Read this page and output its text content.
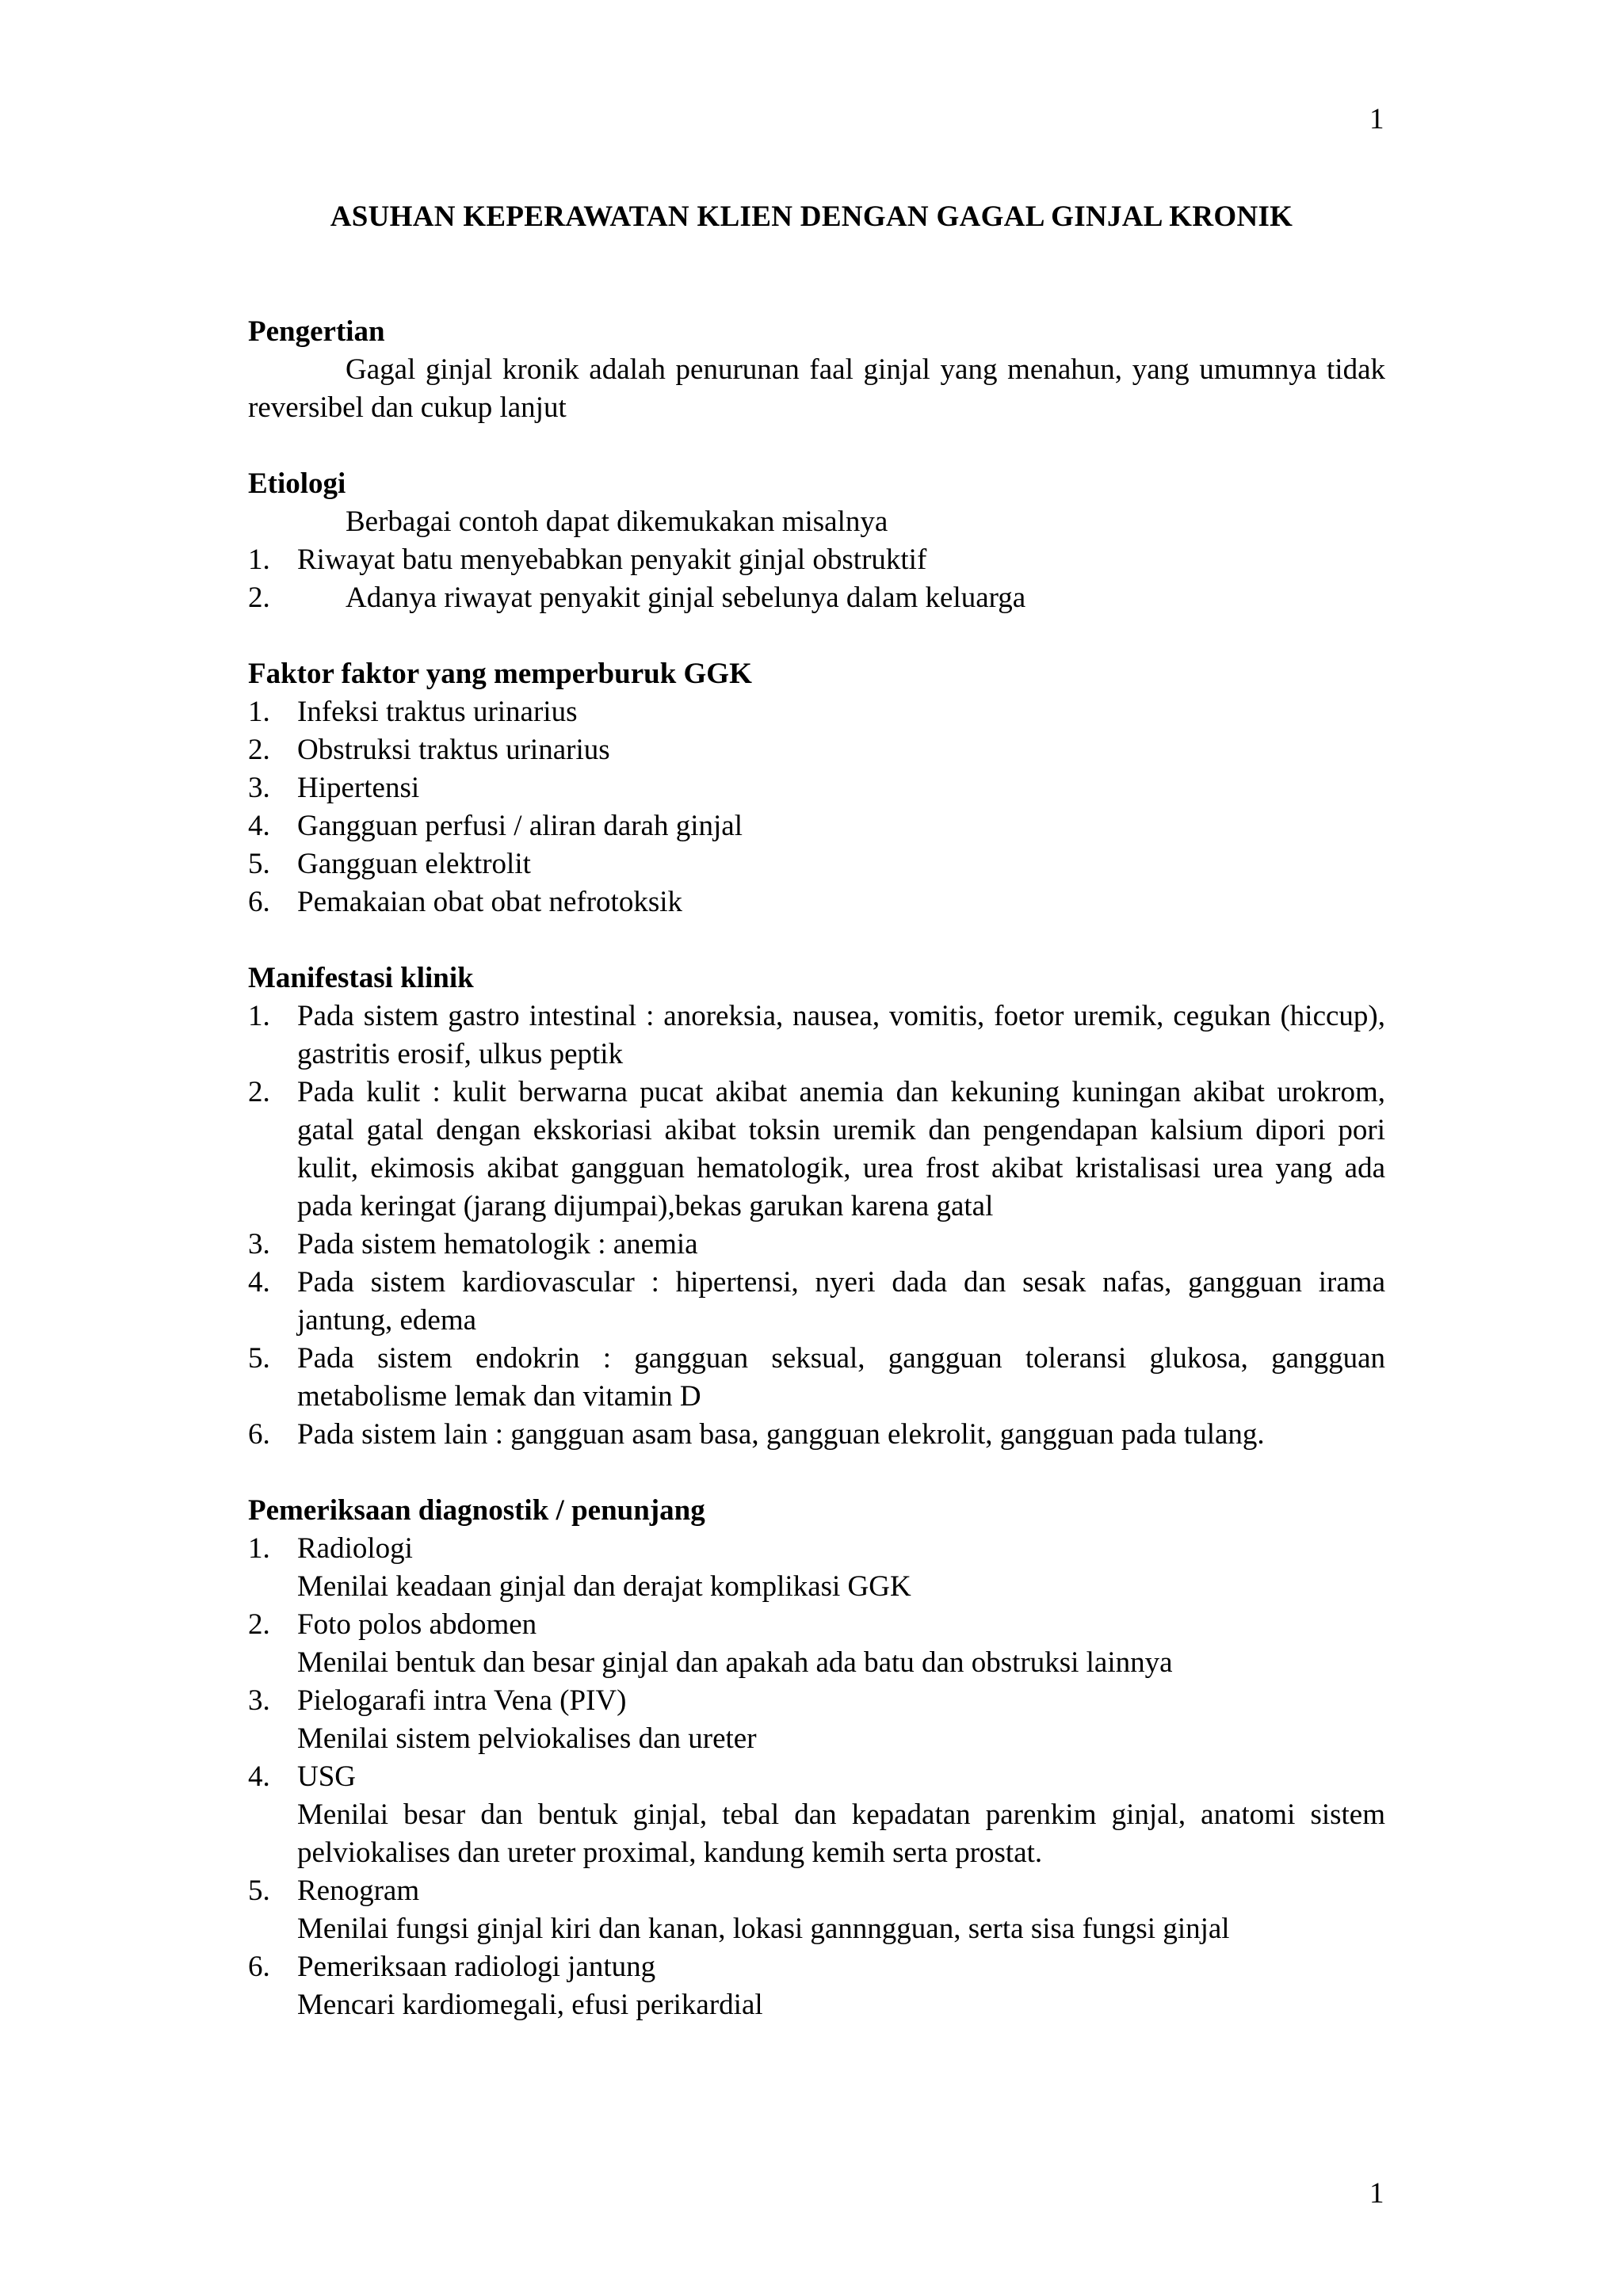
1
ASUHAN KEPERAWATAN KLIEN DENGAN GAGAL GINJAL KRONIK

Pengertian

Gagal ginjal kronik adalah penurunan faal ginjal yang menahun, yang umumnya tidak reversibel dan cukup lanjut

Etiologi

Berbagai contoh dapat dikemukakan misalnya

1. Riwayat batu menyebabkan penyakit ginjal obstruktif
2.	Adanya riwayat penyakit ginjal sebelunya dalam keluarga

Faktor faktor yang memperburuk GGK

1. Infeksi traktus urinarius
2. Obstruksi traktus urinarius
3. Hipertensi
4. Gangguan perfusi / aliran darah ginjal
5. Gangguan elektrolit
6. Pemakaian obat obat nefrotoksik

Manifestasi klinik

1. Pada sistem gastro intestinal : anoreksia, nausea, vomitis, foetor uremik, cegukan (hiccup), gastritis erosif, ulkus peptik
2. Pada kulit : kulit berwarna pucat akibat anemia dan kekuning kuningan akibat urokrom, gatal gatal dengan ekskoriasi akibat toksin uremik dan pengendapan kalsium dipori pori kulit, ekimosis akibat gangguan hematologik, urea frost akibat kristalisasi urea yang ada pada keringat (jarang dijumpai),bekas garukan karena gatal
3. Pada sistem hematologik : anemia
4. Pada sistem kardiovascular : hipertensi, nyeri dada dan sesak nafas, gangguan irama jantung, edema
5. Pada sistem endokrin : gangguan seksual, gangguan toleransi glukosa, gangguan metabolisme lemak dan vitamin D
6. Pada sistem lain : gangguan asam basa, gangguan elekrolit, gangguan pada tulang.

Pemeriksaan diagnostik / penunjang

1. Radiologi
Menilai keadaan ginjal dan derajat komplikasi GGK
2. Foto polos abdomen
Menilai bentuk dan besar ginjal dan apakah ada batu dan obstruksi lainnya
3. Pielogarafi intra Vena (PIV)
Menilai sistem pelviokalises dan ureter
4. USG
Menilai besar dan bentuk ginjal, tebal dan kepadatan parenkim ginjal, anatomi sistem pelviokalises dan ureter proximal, kandung kemih serta prostat.
5. Renogram
Menilai fungsi ginjal kiri dan kanan, lokasi gannngguan, serta sisa fungsi ginjal
6. Pemeriksaan radiologi jantung
Mencari kardiomegali, efusi perikardial
1
